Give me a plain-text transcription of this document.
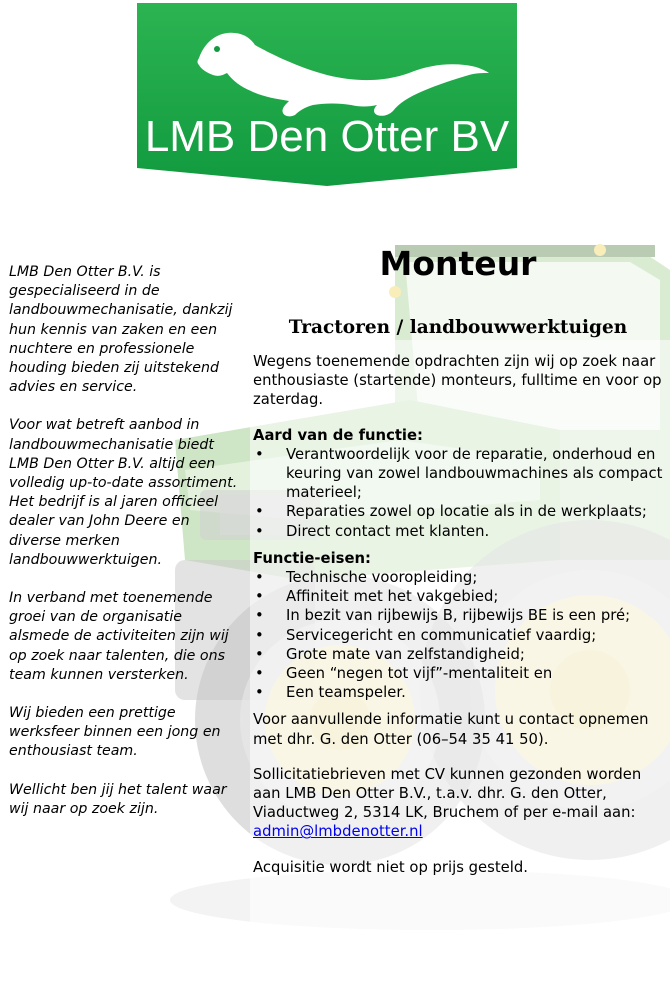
LMB Den Otter BV

LMB Den Otter B.V. is gespecialiseerd in de landbouwmechanisatie, dankzij hun kennis van zaken en een nuchtere en professionele houding bieden zij uitstekend advies en service.

Voor wat betreft aanbod in landbouwmechanisatie biedt LMB Den Otter B.V. altijd een volledig up-to-date assortiment. Het bedrijf is al jaren officieel dealer van John Deere en diverse merken landbouwwerktuigen.

In verband met toenemende groei van de organisatie alsmede de activiteiten zijn wij op zoek naar talenten, die ons team kunnen versterken.

Wij bieden een prettige werksfeer binnen een jong en enthousiast team.

Wellicht ben jij het talent waar wij naar op zoek zijn.

Monteur
Tractoren / landbouwwerktuigen

Wegens toenemende opdrachten zijn wij op zoek naar enthousiaste (startende) monteurs, fulltime en voor op zaterdag.

Aard van de functie:
• Verantwoordelijk voor de reparatie, onderhoud en keuring van zowel landbouwmachines als compact materieel;
• Reparaties zowel op locatie als in de werkplaats;
• Direct contact met klanten.
Functie-eisen:
• Technische vooropleiding;
• Affiniteit met het vakgebied;
• In bezit van rijbewijs B, rijbewijs BE is een pré;
• Servicegericht en communicatief vaardig;
• Grote mate van zelfstandigheid;
• Geen “negen tot vijf”-mentaliteit en
• Een teamspeler.

Voor aanvullende informatie kunt u contact opnemen met dhr. G. den Otter (06–54 35 41 50).

Sollicitatiebrieven met CV kunnen gezonden worden aan LMB Den Otter B.V., t.a.v. dhr. G. den Otter, Viaductweg 2, 5314 LK, Bruchem of per e-mail aan: admin@lmbdenotter.nl

Acquisitie wordt niet op prijs gesteld.
